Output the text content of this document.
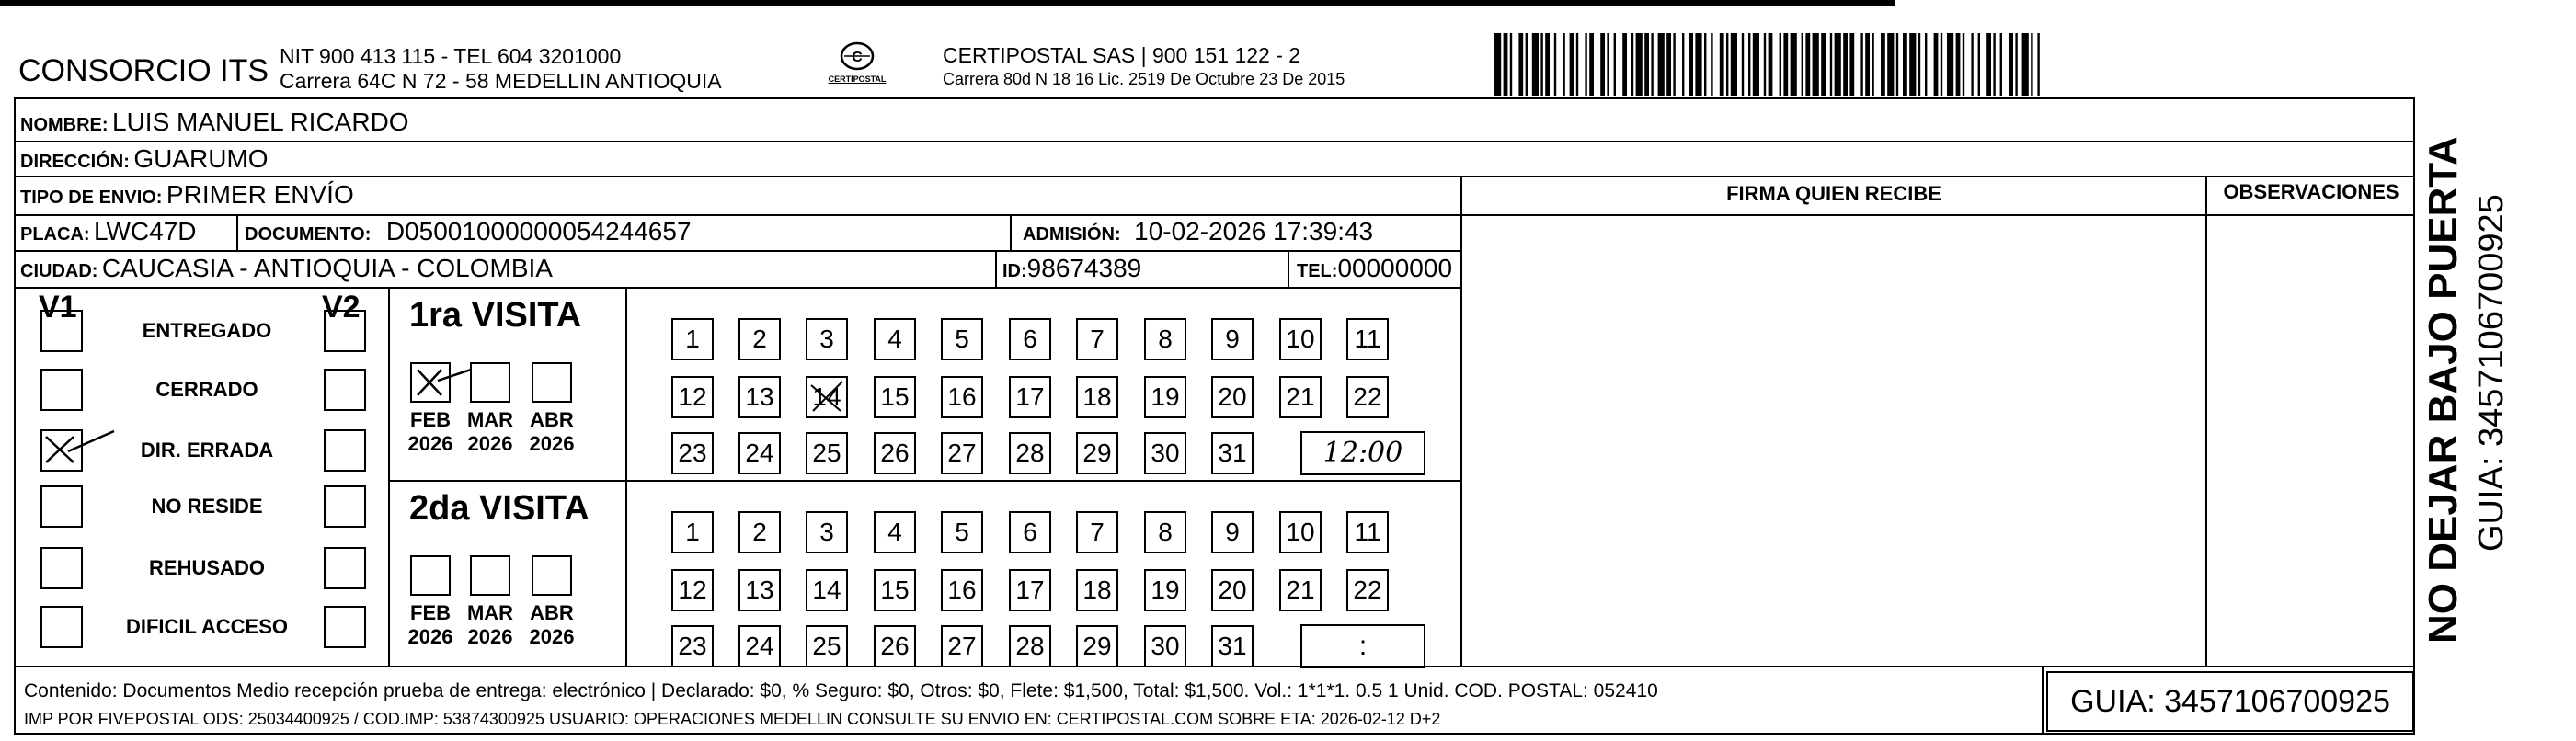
CONSORCIO ITS NIT 900 413 115 - TEL 604 3201000
Carrera 64C N 72 - 58 MEDELLIN ANTIOQUIA
C
CERTIPOSTAL
CERTIPOSTAL SAS | 900 151 122 - 2
Carrera 80d N 18 16 Lic. 2519 De Octubre 23 De 2015
NOMBRE: LUIS MANUEL RICARDO
DIRECCIÓN: GUARUMO
TIPO DE ENVIO: PRIMER ENVÍO
PLACA: LWC47D	DOCUMENTO: D05001000000054244657	ADMISIÓN: 10-02-2026 17:39:43
CIUDAD: CAUCASIA - ANTIOQUIA - COLOMBIA	ID:98674389	TEL:00000000
FIRMA QUIEN RECIBE	OBSERVACIONES
V1	V2
ENTREGADO
CERRADO
DIR. ERRADA
NO RESIDE
REHUSADO
DIFICIL ACCESO
1ra VISITA
FEB
2026
MAR
2026
ABR
2026
1	2	3	4	5	6	7	8	9	10	11
12 13 14 15 16 17 18 19 20 21 22
23 24 25 26 27 28 29 30 31	12:00
2da VISITA
FEB
2026
MAR
2026
ABR
2026
1	2	3	4	5	6	7	8	9	10	11
12 13 14 15 16 17 18 19 20 21 22
23 24 25 26 27 28 29 30 31	:
Contenido: Documentos Medio recepción prueba de entrega: electrónico | Declarado: $0, % Seguro: $0, Otros: $0, Flete: $1,500, Total: $1,500. Vol.: 1*1*1. 0.5 1 Unid. COD. POSTAL: 052410
IMP POR FIVEPOSTAL ODS: 25034400925 / COD.IMP: 53874300925 USUARIO: OPERACIONES MEDELLIN CONSULTE SU ENVIO EN: CERTIPOSTAL.COM SOBRE ETA: 2026-02-12 D+2	GUIA: 3457106700925
NO DEJAR BAJO PUERTA GUIA: 3457106700925
